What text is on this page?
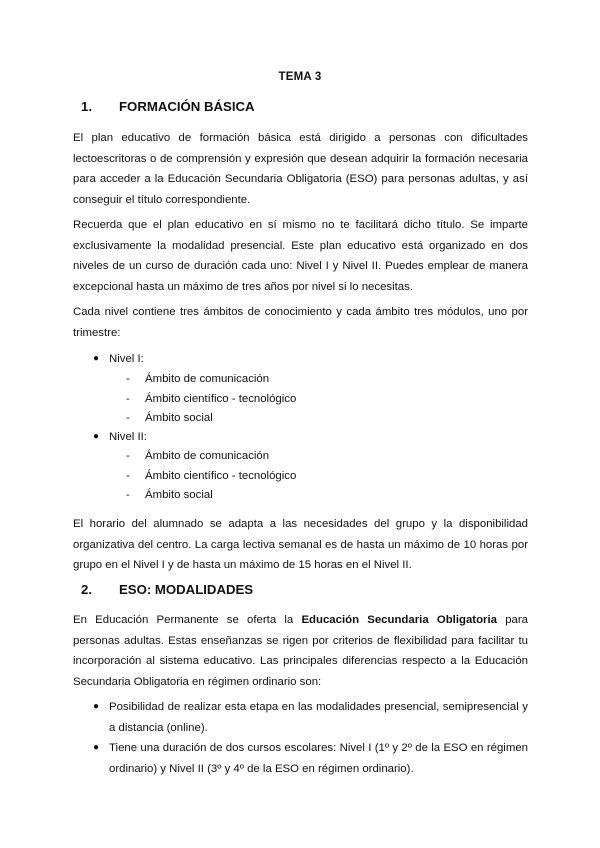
TEMA 3
1.	FORMACIÓN BÁSICA

El plan educativo de formación básica está dirigido a personas con dificultades lectoescritoras o de comprensión y expresión que desean adquirir la formación necesaria para acceder a la Educación Secundaria Obligatoria (ESO) para personas adultas, y así conseguir el título correspondiente.

Recuerda que el plan educativo en sí mismo no te facilitará dicho título. Se imparte exclusivamente la modalidad presencial. Este plan educativo está organizado en dos niveles de un curso de duración cada uno: Nivel I y Nivel II. Puedes emplear de manera excepcional hasta un máximo de tres años por nivel si lo necesitas.

Cada nivel contiene tres ámbitos de conocimiento y cada ámbito tres módulos, uno por trimestre:

● Nivel I:
- Ámbito de comunicación
- Ámbito científico - tecnológico
- Ámbito social
● Nivel II:
- Ámbito de comunicación
- Ámbito científico - tecnológico
- Ámbito social

El horario del alumnado se adapta a las necesidades del grupo y la disponibilidad organizativa del centro. La carga lectiva semanal es de hasta un máximo de 10 horas por grupo en el Nivel I y de hasta un máximo de 15 horas en el Nivel II.

2.	ESO: MODALIDADES

En Educación Permanente se oferta la Educación Secundaria Obligatoria para personas adultas. Estas enseñanzas se rigen por criterios de flexibilidad para facilitar tu incorporación al sistema educativo. Las principales diferencias respecto a la Educación Secundaria Obligatoria en régimen ordinario son:

● Posibilidad de realizar esta etapa en las modalidades presencial, semipresencial y a distancia (online).
● Tiene una duración de dos cursos escolares: Nivel I (1º y 2º de la ESO en régimen ordinario) y Nivel II (3º y 4º de la ESO en régimen ordinario).
